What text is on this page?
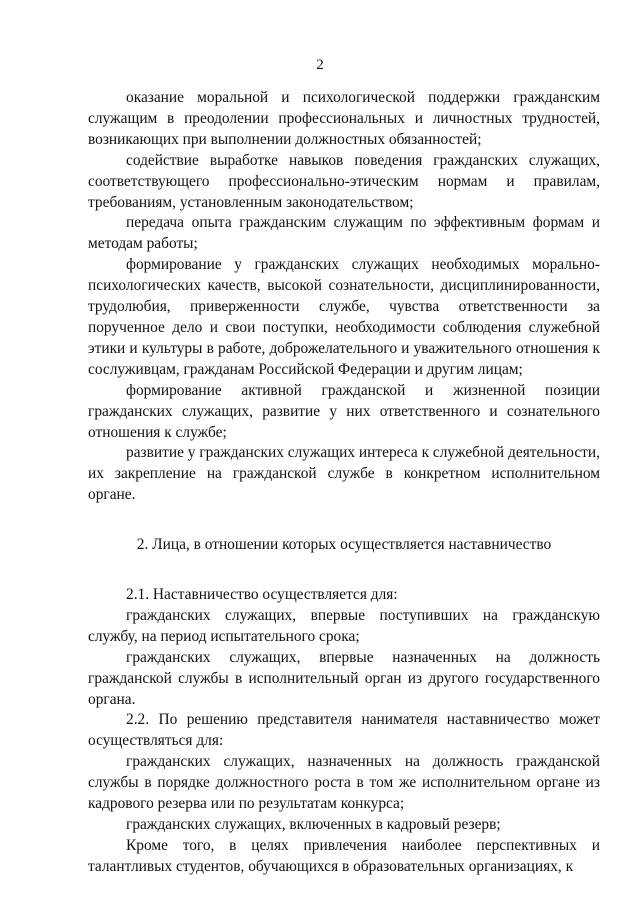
2

оказание моральной и психологической поддержки гражданским служащим в преодолении профессиональных и личностных трудностей, возникающих при выполнении должностных обязанностей;

содействие выработке навыков поведения гражданских служащих, соответствующего профессионально-этическим нормам и правилам, требованиям, установленным законодательством;

передача опыта гражданским служащим по эффективным формам и методам работы;

формирование у гражданских служащих необходимых морально-психологических качеств, высокой сознательности, дисциплинированности, трудолюбия, приверженности службе, чувства ответственности за порученное дело и свои поступки, необходимости соблюдения служебной этики и культуры в работе, доброжелательного и уважительного отношения к сослуживцам, гражданам Российской Федерации и другим лицам;

формирование активной гражданской и жизненной позиции гражданских служащих, развитие у них ответственного и сознательного отношения к службе;

развитие у гражданских служащих интереса к служебной деятельности, их закрепление на гражданской службе в конкретном исполнительном органе.

2. Лица, в отношении которых осуществляется наставничество

2.1. Наставничество осуществляется для:

гражданских служащих, впервые поступивших на гражданскую службу, на период испытательного срока;

гражданских служащих, впервые назначенных на должность гражданской службы в исполнительный орган из другого государственного органа.

2.2. По решению представителя нанимателя наставничество может осуществляться для:

гражданских служащих, назначенных на должность гражданской службы в порядке должностного роста в том же исполнительном органе из кадрового резерва или по результатам конкурса;

гражданских служащих, включенных в кадровый резерв;

Кроме того, в целях привлечения наиболее перспективных и талантливых студентов, обучающихся в образовательных организациях, к
